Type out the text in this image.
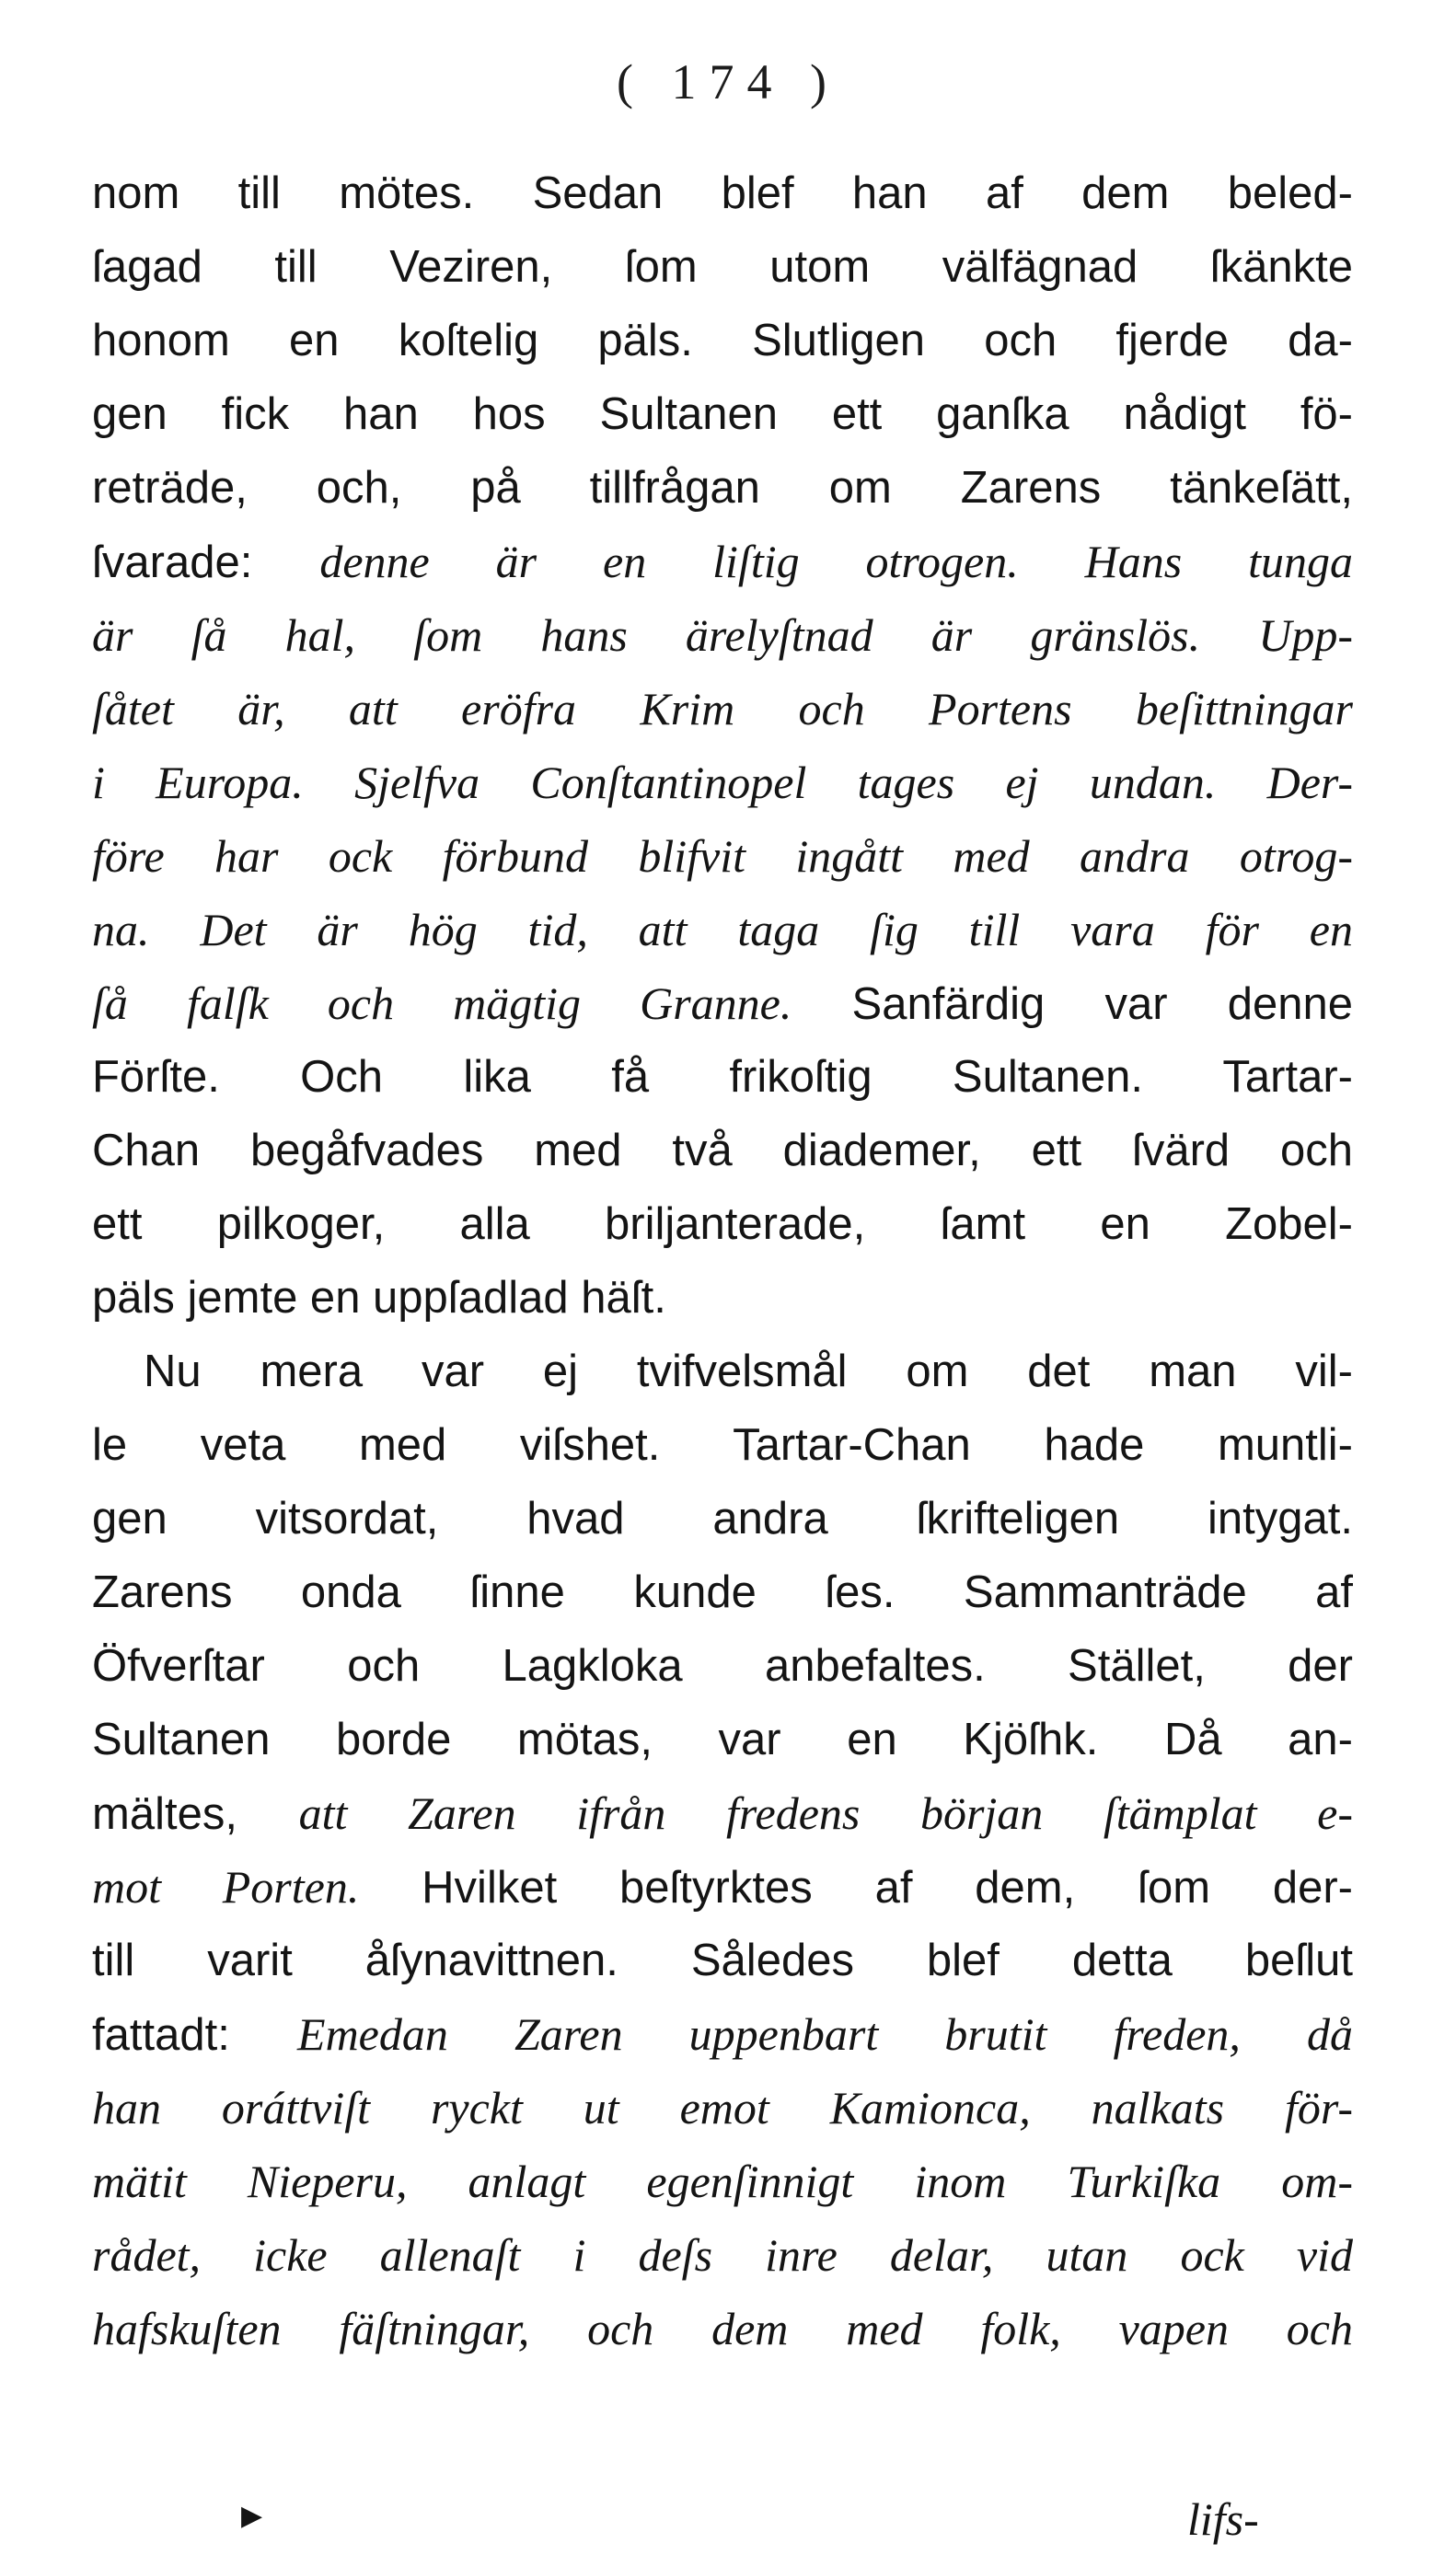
( 174 )
nom till mötes. Sedan blef han af dem beled-
ſagad till Veziren, ſom utom välfägnad ſkänkte
honom en koſtelig päls. Slutligen och fjerde da-
gen fick han hos Sultanen ett ganſka nådigt fö-
reträde, och, på tillfrågan om Zarens tänkeſätt,
ſvarade: denne är en liſtig otrogen. Hans tunga
är ſå hal, ſom hans ärelyſtnad är gränslös. Upp-
ſåtet är, att eröfra Krim och Portens beſittningar
i Europa. Sjelfva Conſtantinopel tages ej undan. Der-
före har ock förbund blifvit ingått med andra otrog-
na. Det är hög tid, att taga ſig till vara för en
ſå falſk och mägtig Granne. Sanfärdig var denne
Förſte. Och lika få frikoſtig Sultanen. Tartar-
Chan begåfvades med två diademer, ett ſvärd och
ett pilkoger, alla briljanterade, ſamt en Zobel-
päls jemte en uppſadlad häſt.
Nu mera var ej tvifvelsmål om det man vil-
le veta med viſshet. Tartar-Chan hade muntli-
gen vitsordat, hvad andra ſkrifteligen intygat.
Zarens onda ſinne kunde ſes. Sammanträde af
Öfverſtar och Lagkloka anbefaltes. Stället, der
Sultanen borde mötas, var en Kjöſhk. Då an-
mältes, att Zaren ifrån fredens början ſtämplat e-
mot Porten. Hvilket beſtyrktes af dem, ſom der-
till varit åſynavittnen. Således blef detta beſlut
fattadt: Emedan Zaren uppenbart brutit freden, då
han oráttviſt ryckt ut emot Kamionca, nalkats för-
mätit Nieperu, anlagt egenſinnigt inom Turkiſka om-
rådet, icke allenaſt i deſs inre delar, utan ock vid
hafskuſten fäſtningar, och dem med folk, vapen och
▶	lifs-
